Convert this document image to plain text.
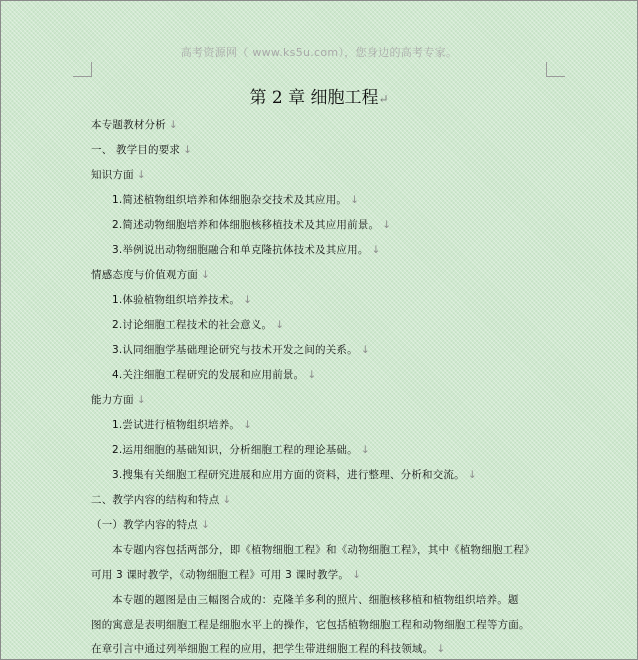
高考资源网（ www.ks5u.com），您身边的高考专家。
第 2 章 细胞工程↵
本专题教材分析 ↓
一、 教学目的要求 ↓
知识方面 ↓
1.简述植物组织培养和体细胞杂交技术及其应用。 ↓
2.简述动物细胞培养和体细胞核移植技术及其应用前景。 ↓
3.举例说出动物细胞融合和单克隆抗体技术及其应用。 ↓
情感态度与价值观方面 ↓
1.体验植物组织培养技术。 ↓
2.讨论细胞工程技术的社会意义。 ↓
3.认同细胞学基础理论研究与技术开发之间的关系。 ↓
4.关注细胞工程研究的发展和应用前景。 ↓
能力方面 ↓
1.尝试进行植物组织培养。 ↓
2.运用细胞的基础知识，分析细胞工程的理论基础。 ↓
3.搜集有关细胞工程研究进展和应用方面的资料，进行整理、分析和交流。 ↓
二、教学内容的结构和特点 ↓
（一）教学内容的特点 ↓
本专题内容包括两部分，即《植物细胞工程》和《动物细胞工程》，其中《植物细胞工程》
可用 3 课时教学，《动物细胞工程》可用 3 课时教学。 ↓
本专题的题图是由三幅图合成的：克隆羊多利的照片、细胞核移植和植物组织培养。题
图的寓意是表明细胞工程是细胞水平上的操作，它包括植物细胞工程和动物细胞工程等方面。
在章引言中通过列举细胞工程的应用，把学生带进细胞工程的科技领域。 ↓
